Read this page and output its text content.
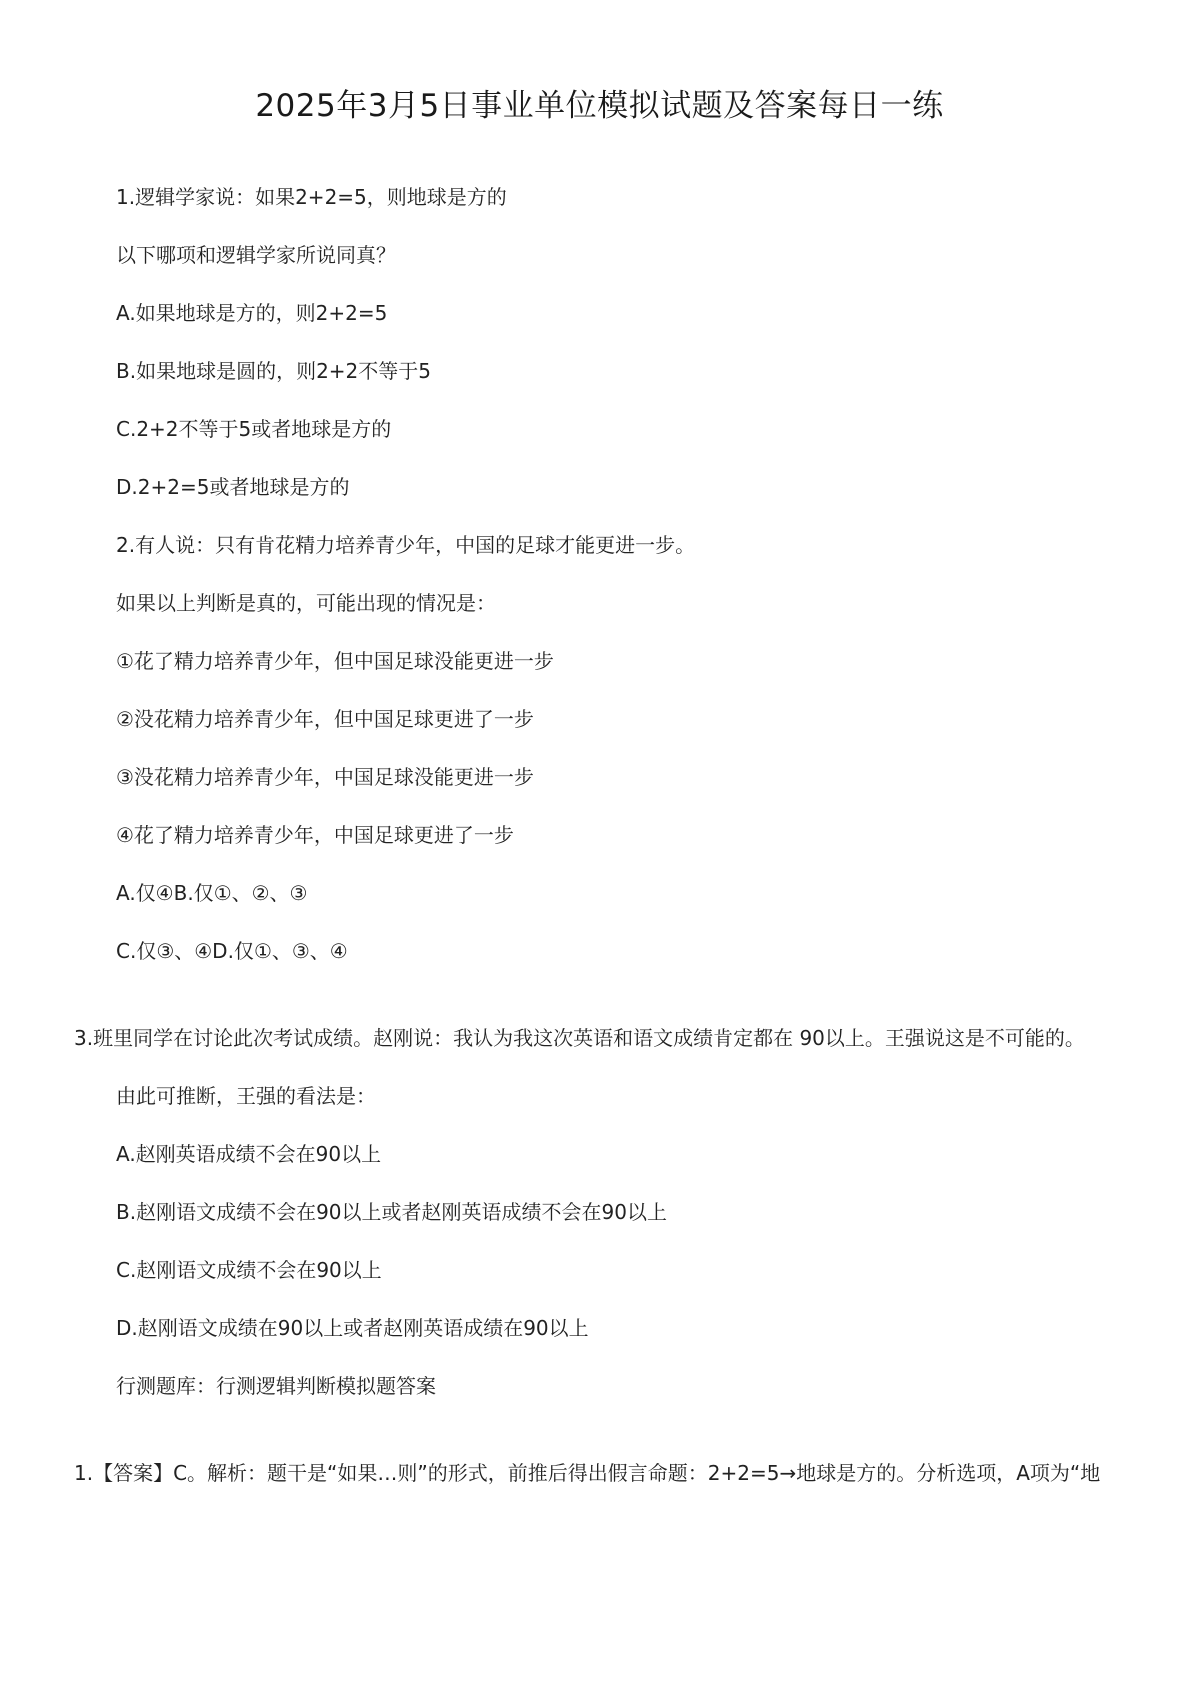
2025年3月5日事业单位模拟试题及答案每日一练
1.逻辑学家说：如果2+2=5，则地球是方的
以下哪项和逻辑学家所说同真？
A.如果地球是方的，则2+2=5
B.如果地球是圆的，则2+2不等于5
C.2+2不等于5或者地球是方的
D.2+2=5或者地球是方的
2.有人说：只有肯花精力培养青少年，中国的足球才能更进一步。
如果以上判断是真的，可能出现的情况是：
①花了精力培养青少年，但中国足球没能更进一步
②没花精力培养青少年，但中国足球更进了一步
③没花精力培养青少年，中国足球没能更进一步
④花了精力培养青少年，中国足球更进了一步
A.仅④B.仅①、②、③
C.仅③、④D.仅①、③、④
3.班里同学在讨论此次考试成绩。赵刚说：我认为我这次英语和语文成绩肯定都在 90以上。王强说这是不可能的。
由此可推断，王强的看法是：
A.赵刚英语成绩不会在90以上
B.赵刚语文成绩不会在90以上或者赵刚英语成绩不会在90以上
C.赵刚语文成绩不会在90以上
D.赵刚语文成绩在90以上或者赵刚英语成绩在90以上
行测题库：行测逻辑判断模拟题答案
1.【答案】C。解析：题干是“如果…则”的形式，前推后得出假言命题：2+2=5→地球是方的。分析选项，A项为“地
